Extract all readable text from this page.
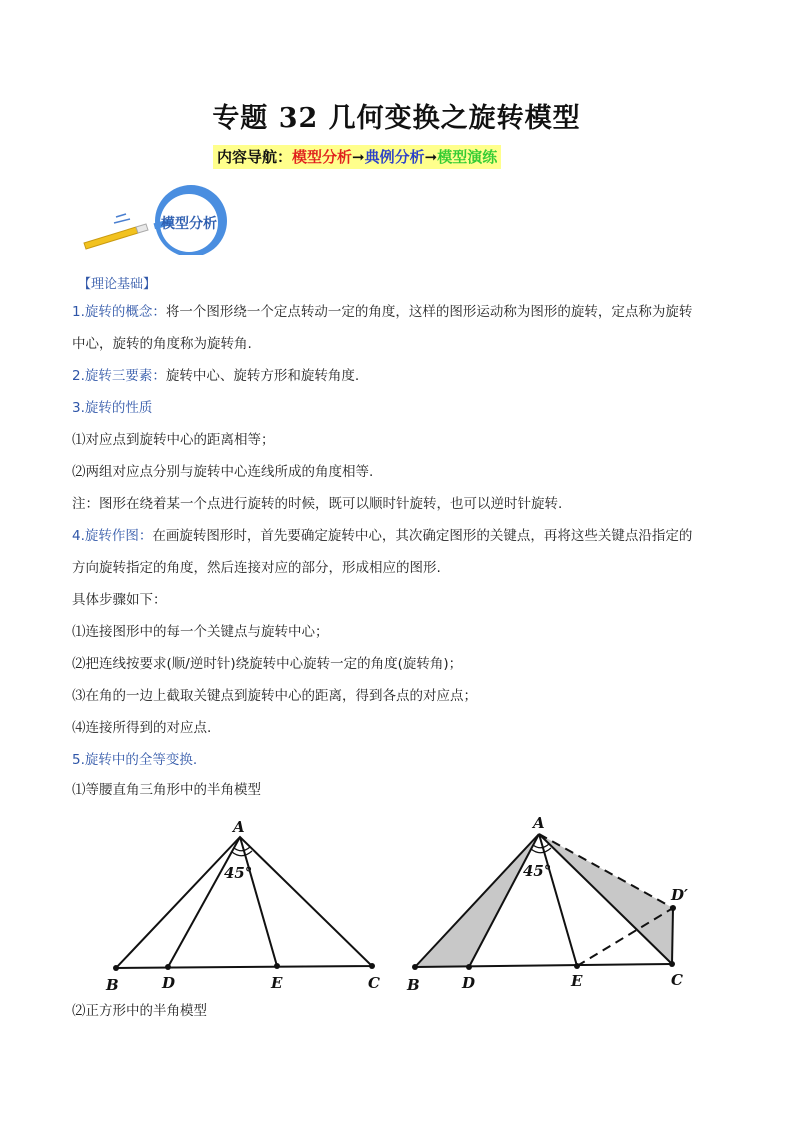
专题 32 几何变换之旋转模型
内容导航：模型分析➞典例分析➞模型演练
模型分析
【理论基础】
1.旋转的概念：将一个图形绕一个定点转动一定的角度，这样的图形运动称为图形的旋转，定点称为旋转
中心，旋转的角度称为旋转角.
2.旋转三要素：旋转中心、旋转方形和旋转角度.
3.旋转的性质
⑴对应点到旋转中心的距离相等；
⑵两组对应点分别与旋转中心连线所成的角度相等.
注：图形在绕着某一个点进行旋转的时候，既可以顺时针旋转，也可以逆时针旋转.
4.旋转作图：在画旋转图形时，首先要确定旋转中心，其次确定图形的关键点，再将这些关键点沿指定的
方向旋转指定的角度，然后连接对应的部分，形成相应的图形.
具体步骤如下：
⑴连接图形中的每一个关键点与旋转中心；
⑵把连线按要求(顺/逆时针)绕旋转中心旋转一定的角度(旋转角)；
⑶在角的一边上截取关键点到旋转中心的距离，得到各点的对应点；
⑷连接所得到的对应点.
5.旋转中的全等变换.
⑴等腰直角三角形中的半角模型
A
B	D	E	C
45°
A
B	D	E	C
D′
45°
⑵正方形中的半角模型
